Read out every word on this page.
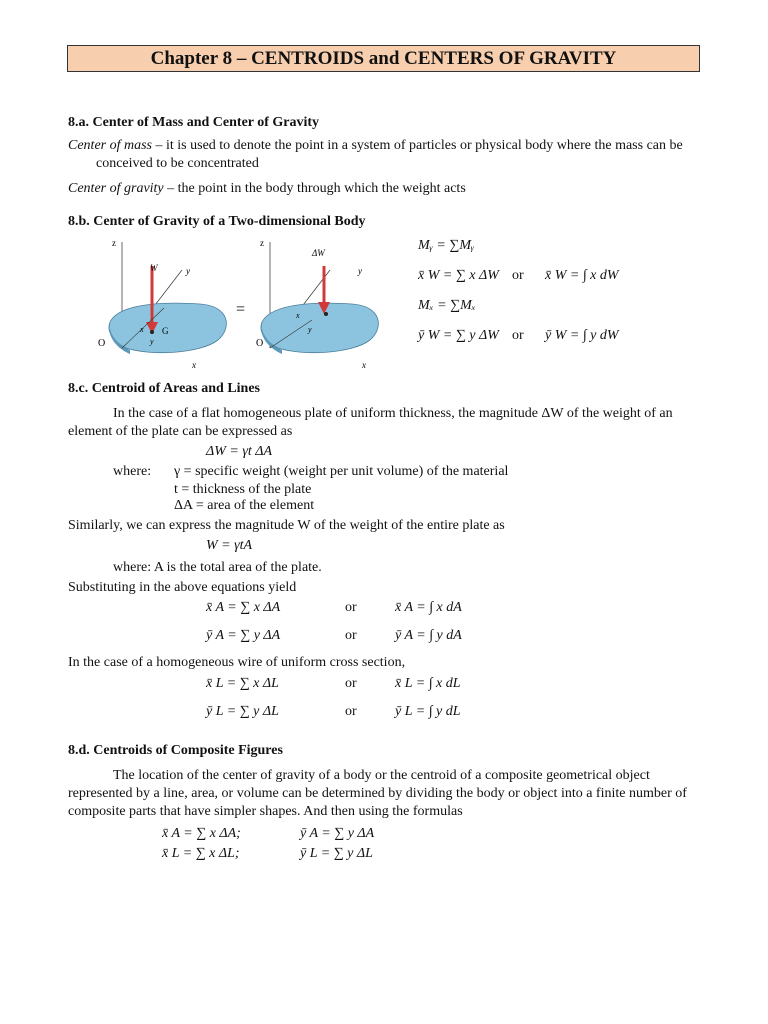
Chapter 8 – CENTROIDS and CENTERS OF GRAVITY
8.a. Center of Mass and Center of Gravity
Center of mass – it is used to denote the point in a system of particles or physical body where the mass can be
conceived to be concentrated
Center of gravity – the point in the body through which the weight acts
8.b. Center of Gravity of a Two-dimensional Body
z
W	y
G
x
y
O
x
=
z
ΔW
y
x
y
O
x
Mᵧ = ∑Mᵧ
x̄ W = ∑ x ΔW or x̄ W = ∫ x dW
Mₓ = ∑Mₓ
ȳ W = ∑ y ΔW or ȳ W = ∫ y dW
8.c. Centroid of Areas and Lines
In the case of a flat homogeneous plate of uniform thickness, the magnitude ΔW of the weight of an
element of the plate can be expressed as
ΔW = γt ΔA
where: γ = specific weight (weight per unit volume) of the material
t = thickness of the plate
ΔA = area of the element
Similarly, we can express the magnitude W of the weight of the entire plate as
W = γtA
where: A is the total area of the plate.
Substituting in the above equations yield
x̄ A = ∑ x ΔA	or	x̄ A = ∫ x dA
ȳ A = ∑ y ΔA	or	ȳ A = ∫ y dA
In the case of a homogeneous wire of uniform cross section,
x̄ L = ∑ x ΔL	or	x̄ L = ∫ x dL
ȳ L = ∑ y ΔL	or	ȳ L = ∫ y dL
8.d. Centroids of Composite Figures
The location of the center of gravity of a body or the centroid of a composite geometrical object
represented by a line, area, or volume can be determined by dividing the body or object into a finite number of
composite parts that have simpler shapes. And then using the formulas
x̄ A = ∑ x ΔA;	ȳ A = ∑ y ΔA
x̄ L = ∑ x ΔL;	ȳ L = ∑ y ΔL
